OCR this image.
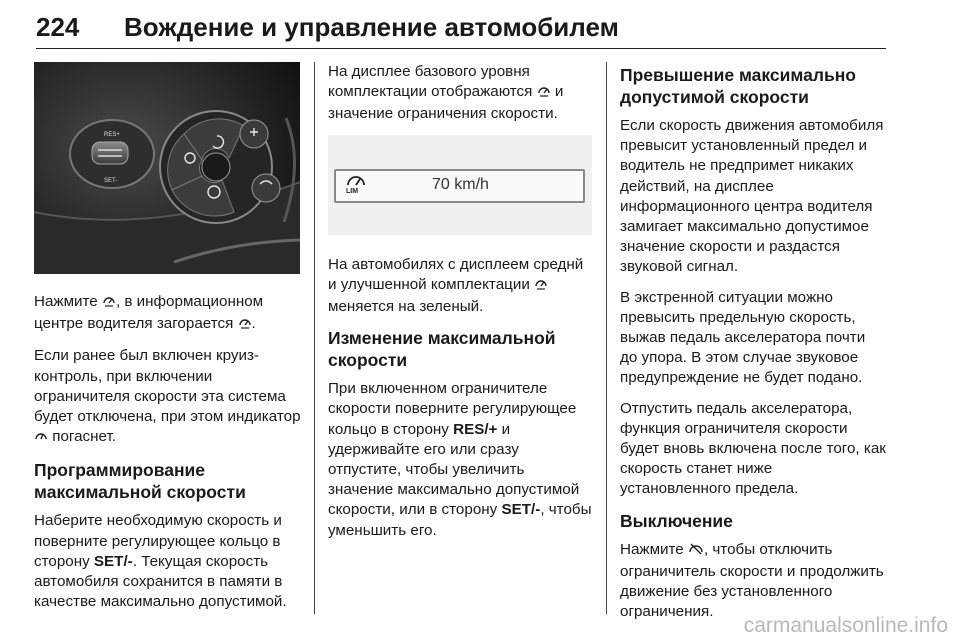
224 Вождение и управление автомобилем
RES+
SET-

Нажмите , в информационном центре водителя загорается .

Если ранее был включен круиз-контроль, при включении ограничителя скорости эта система будет отключена, при этом индикатор  погаснет.

Программирование максимальной скорости

Наберите необходимую скорость и поверните регулирующее кольцо в сторону SET/-. Текущая скорость автомобиля сохранится в памяти в качестве максимально допустимой.

На дисплее базового уровня комплектации отображаются  и значение ограничения скорости.

LIM	70 km/h

На автомобилях с дисплеем среднй и улучшенной комплектации  меняется на зеленый.

Изменение максимальной скорости

При включенном ограничителе скорости поверните регулирующее кольцо в сторону RES/+ и удерживайте его или сразу отпустите, чтобы увеличить значение максимально допустимой скорости, или в сторону SET/-, чтобы уменьшить его.

Превышение максимально допустимой скорости

Если скорость движения автомобиля превысит установленный предел и водитель не предпримет никаких действий, на дисплее информационного центра водителя замигает максимально допустимое значение скорости и раздастся звуковой сигнал.

В экстренной ситуации можно превысить предельную скорость, выжав педаль акселератора почти до упора. В этом случае звуковое предупреждение не будет подано.

Отпустить педаль акселератора, функция ограничителя скорости будет вновь включена после того, как скорость станет ниже установленного предела.

Выключение

Нажмите , чтобы отключить ограничитель скорости и продолжить движение без установленного ограничения.

carmanualsonline.info
